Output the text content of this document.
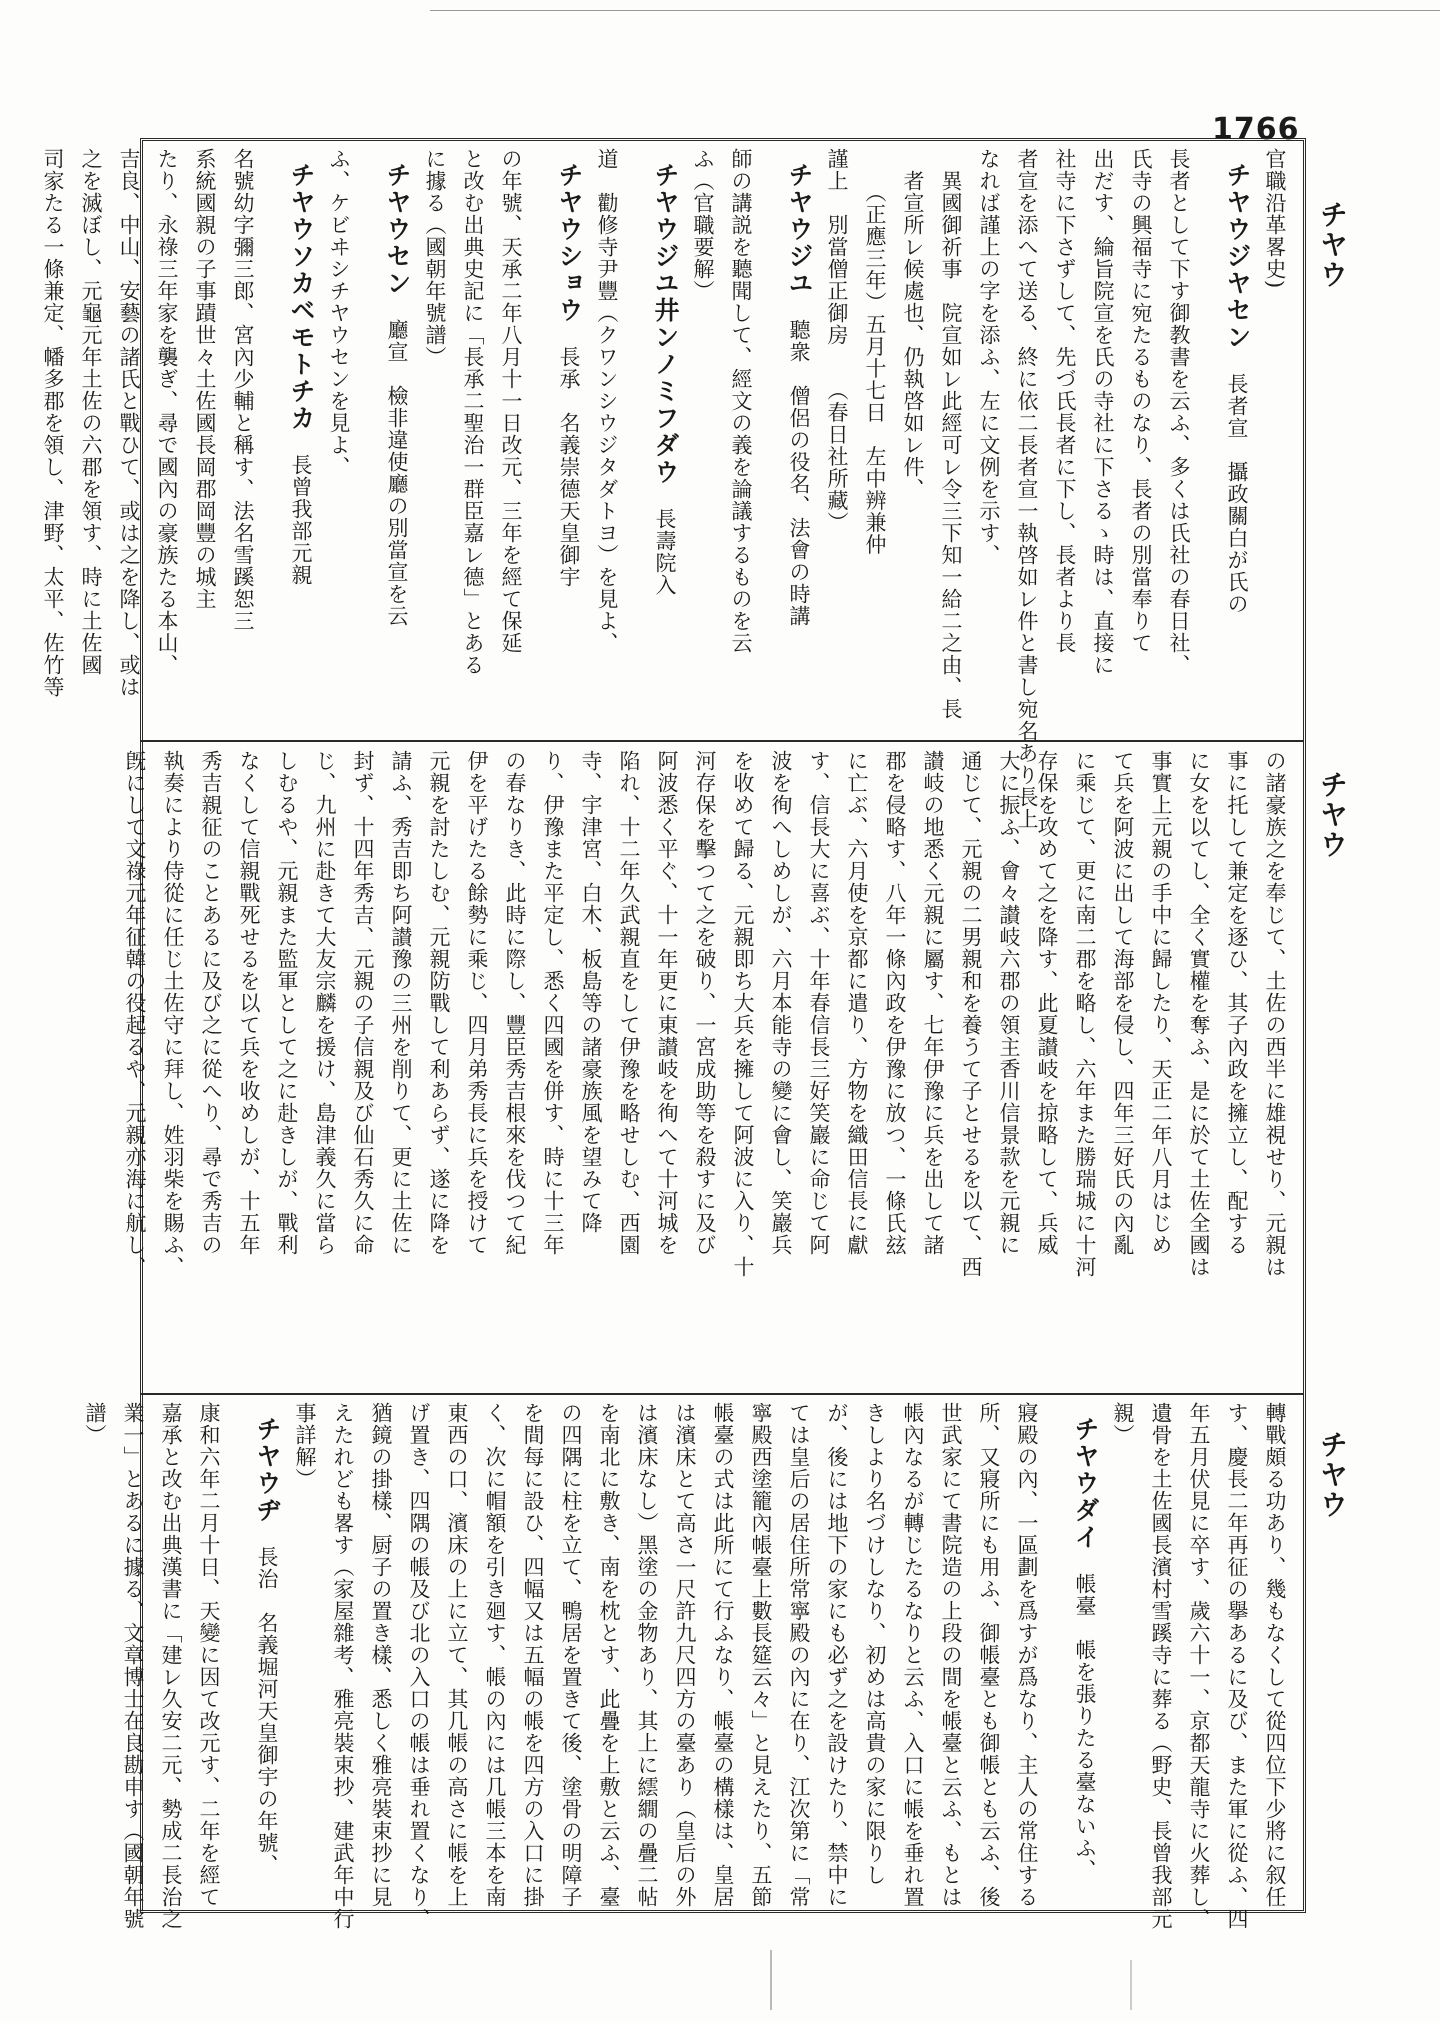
1766
チヤウ
チヤウ
チヤウ
官職沿革畧史)
チヤウジヤセン　長者宣　攝政關白が氏の
長者として下す御教書を云ふ、多くは氏社の春日社、
氏寺の興福寺に宛たるものなり、長者の別當奉りて
出だす、綸旨院宣を氏の寺社に下さるゝ時は、直接に
社寺に下さずして、先づ氏長者に下し、長者より長
者宣を添へて送る、終に依二長者宣一執啓如レ件と書し宛名あり長上
なれば謹上の字を添ふ、左に文例を示す、
　異國御祈事　院宣如レ此經可レ令三下知一給二之由、長
　者宣所レ候處也、仍執啓如レ件、
　　（正應三年）五月十七日　左中辨兼仲
謹上　別當僧正御房　　（春日社所藏）
チヤウジユ　聽衆　僧侶の役名、法會の時講
師の講説を聽聞して、經文の義を論議するものを云
ふ（官職要解）
チヤウジユ井ンノミフダウ　長壽院入
道　勸修寺尹豐（クワンシウジタダトヨ）を見よ、
チヤウショウ　長承　名義崇德天皇御宇
の年號、天承二年八月十一日改元、三年を經て保延
と改む出典史記に「長承二聖治一群臣嘉レ德」とある
に據る（國朝年號譜）
チヤウセン　廳宣　檢非違使廳の別當宣を云
ふ、ケビヰシチヤウセンを見よ、
チヤウソカベモトチカ　長曾我部元親
名號幼字彌三郎、宮內少輔と稱す、法名雪蹊恕三
系統國親の子事蹟世々土佐國長岡郡岡豐の城主
たり、永祿三年家を襲ぎ、尋で國內の豪族たる本山、
吉良、中山、安藝の諸氏と戰ひて、或は之を降し、或は
之を滅ぼし、元龜元年土佐の六郡を領す、時に土佐國
司家たる一條兼定、幡多郡を領し、津野、太平、佐竹等
の諸豪族之を奉じて、土佐の西半に雄視せり、元親は
事に托して兼定を逐ひ、其子內政を擁立し、配する
に女を以てし、全く實權を奪ふ、是に於て土佐全國は
事實上元親の手中に歸したり、天正二年八月はじめ
て兵を阿波に出して海部を侵し、四年三好氏の內亂
に乘じて、更に南二郡を略し、六年また勝瑞城に十河
存保を攻めて之を降す、此夏讃岐を掠略して、兵威
大に振ふ、會々讃岐六郡の領主香川信景款を元親に
通じて、元親の二男親和を養うて子とせるを以て、西
讃岐の地悉く元親に屬す、七年伊豫に兵を出して諸
郡を侵略す、八年一條內政を伊豫に放つ、一條氏玆
に亡ぶ、六月使を京都に遣り、方物を織田信長に獻
す、信長大に喜ぶ、十年春信長三好笑巖に命じて阿
波を徇へしめしが、六月本能寺の變に會し、笑巖兵
を收めて歸る、元親即ち大兵を擁して阿波に入り、十
河存保を擊つて之を破り、一宮成助等を殺すに及び
阿波悉く平ぐ、十一年更に東讃岐を徇へて十河城を
陷れ、十二年久武親直をして伊豫を略せしむ、西園
寺、宇津宮、白木、板島等の諸豪族風を望みて降
り、伊豫また平定し、悉く四國を併す、時に十三年
の春なりき、此時に際し、豐臣秀吉根來を伐つて紀
伊を平げたる餘勢に乘じ、四月弟秀長に兵を授けて
元親を討たしむ、元親防戰して利あらず、遂に降を
請ふ、秀吉即ち阿讃豫の三州を削りて、更に土佐に
封ず、十四年秀吉、元親の子信親及び仙石秀久に命
じ、九州に赴きて大友宗麟を援け、島津義久に當ら
しむるや、元親また監軍として之に赴きしが、戰利
なくして信親戰死せるを以て兵を收めしが、十五年
秀吉親征のことあるに及び之に從へり、尋で秀吉の
執奏により侍從に任じ土佐守に拜し、姓羽柴を賜ふ、
旣にして文祿元年征韓の役起るや、元親亦海に航し、
轉戰頗る功あり、幾もなくして從四位下少將に叙任
す、慶長二年再征の擧あるに及び、また軍に從ふ、四
年五月伏見に卒す、歲六十一、京都天龍寺に火葬し、
遺骨を土佐國長濱村雪蹊寺に葬る（野史、長曾我部元
親）
チヤウダイ　帳臺　帳を張りたる臺ないふ、
寢殿の內、一區劃を爲すが爲なり、主人の常住する
所、又寢所にも用ふ、御帳臺とも御帳とも云ふ、後
世武家にて書院造の上段の間を帳臺と云ふ、もとは
帳內なるが轉じたるなりと云ふ、入口に帳を垂れ置
きしより名づけしなり、初めは高貴の家に限りし
が、後には地下の家にも必ず之を設けたり、禁中に
ては皇后の居住所常寧殿の內に在り、江次第に「常
寧殿西塗籠內帳臺上數長筵云々」と見えたり、五節
帳臺の式は此所にて行ふなり、帳臺の構樣は、皇居
は濱床とて高さ一尺許九尺四方の臺あり（皇后の外
は濱床なし）黑塗の金物あり、其上に繧繝の疊二帖
を南北に敷き、南を枕とす、此疊を上敷と云ふ、臺
の四隅に柱を立て、鴨居を置きて後、塗骨の明障子
を間每に設ひ、四幅又は五幅の帳を四方の入口に掛
く、次に帽額を引き廻す、帳の內には几帳三本を南
東西の口、濱床の上に立て、其几帳の高さに帳を上
げ置き、四隅の帳及び北の入口の帳は垂れ置くなり、
猶鏡の掛樣、厨子の置き樣、悉しく雅亮裝束抄に見
えたれども畧す（家屋雜考、雅亮裝束抄、建武年中行
事詳解）
チヤウヂ　長治　名義堀河天皇御宇の年號、
康和六年二月十日、天變に因て改元す、二年を經て
嘉承と改む出典漢書に「建レ久安二元、勢成二長治之
業一」とあるに據る、文章博士在良勘申す（國朝年號
譜）
